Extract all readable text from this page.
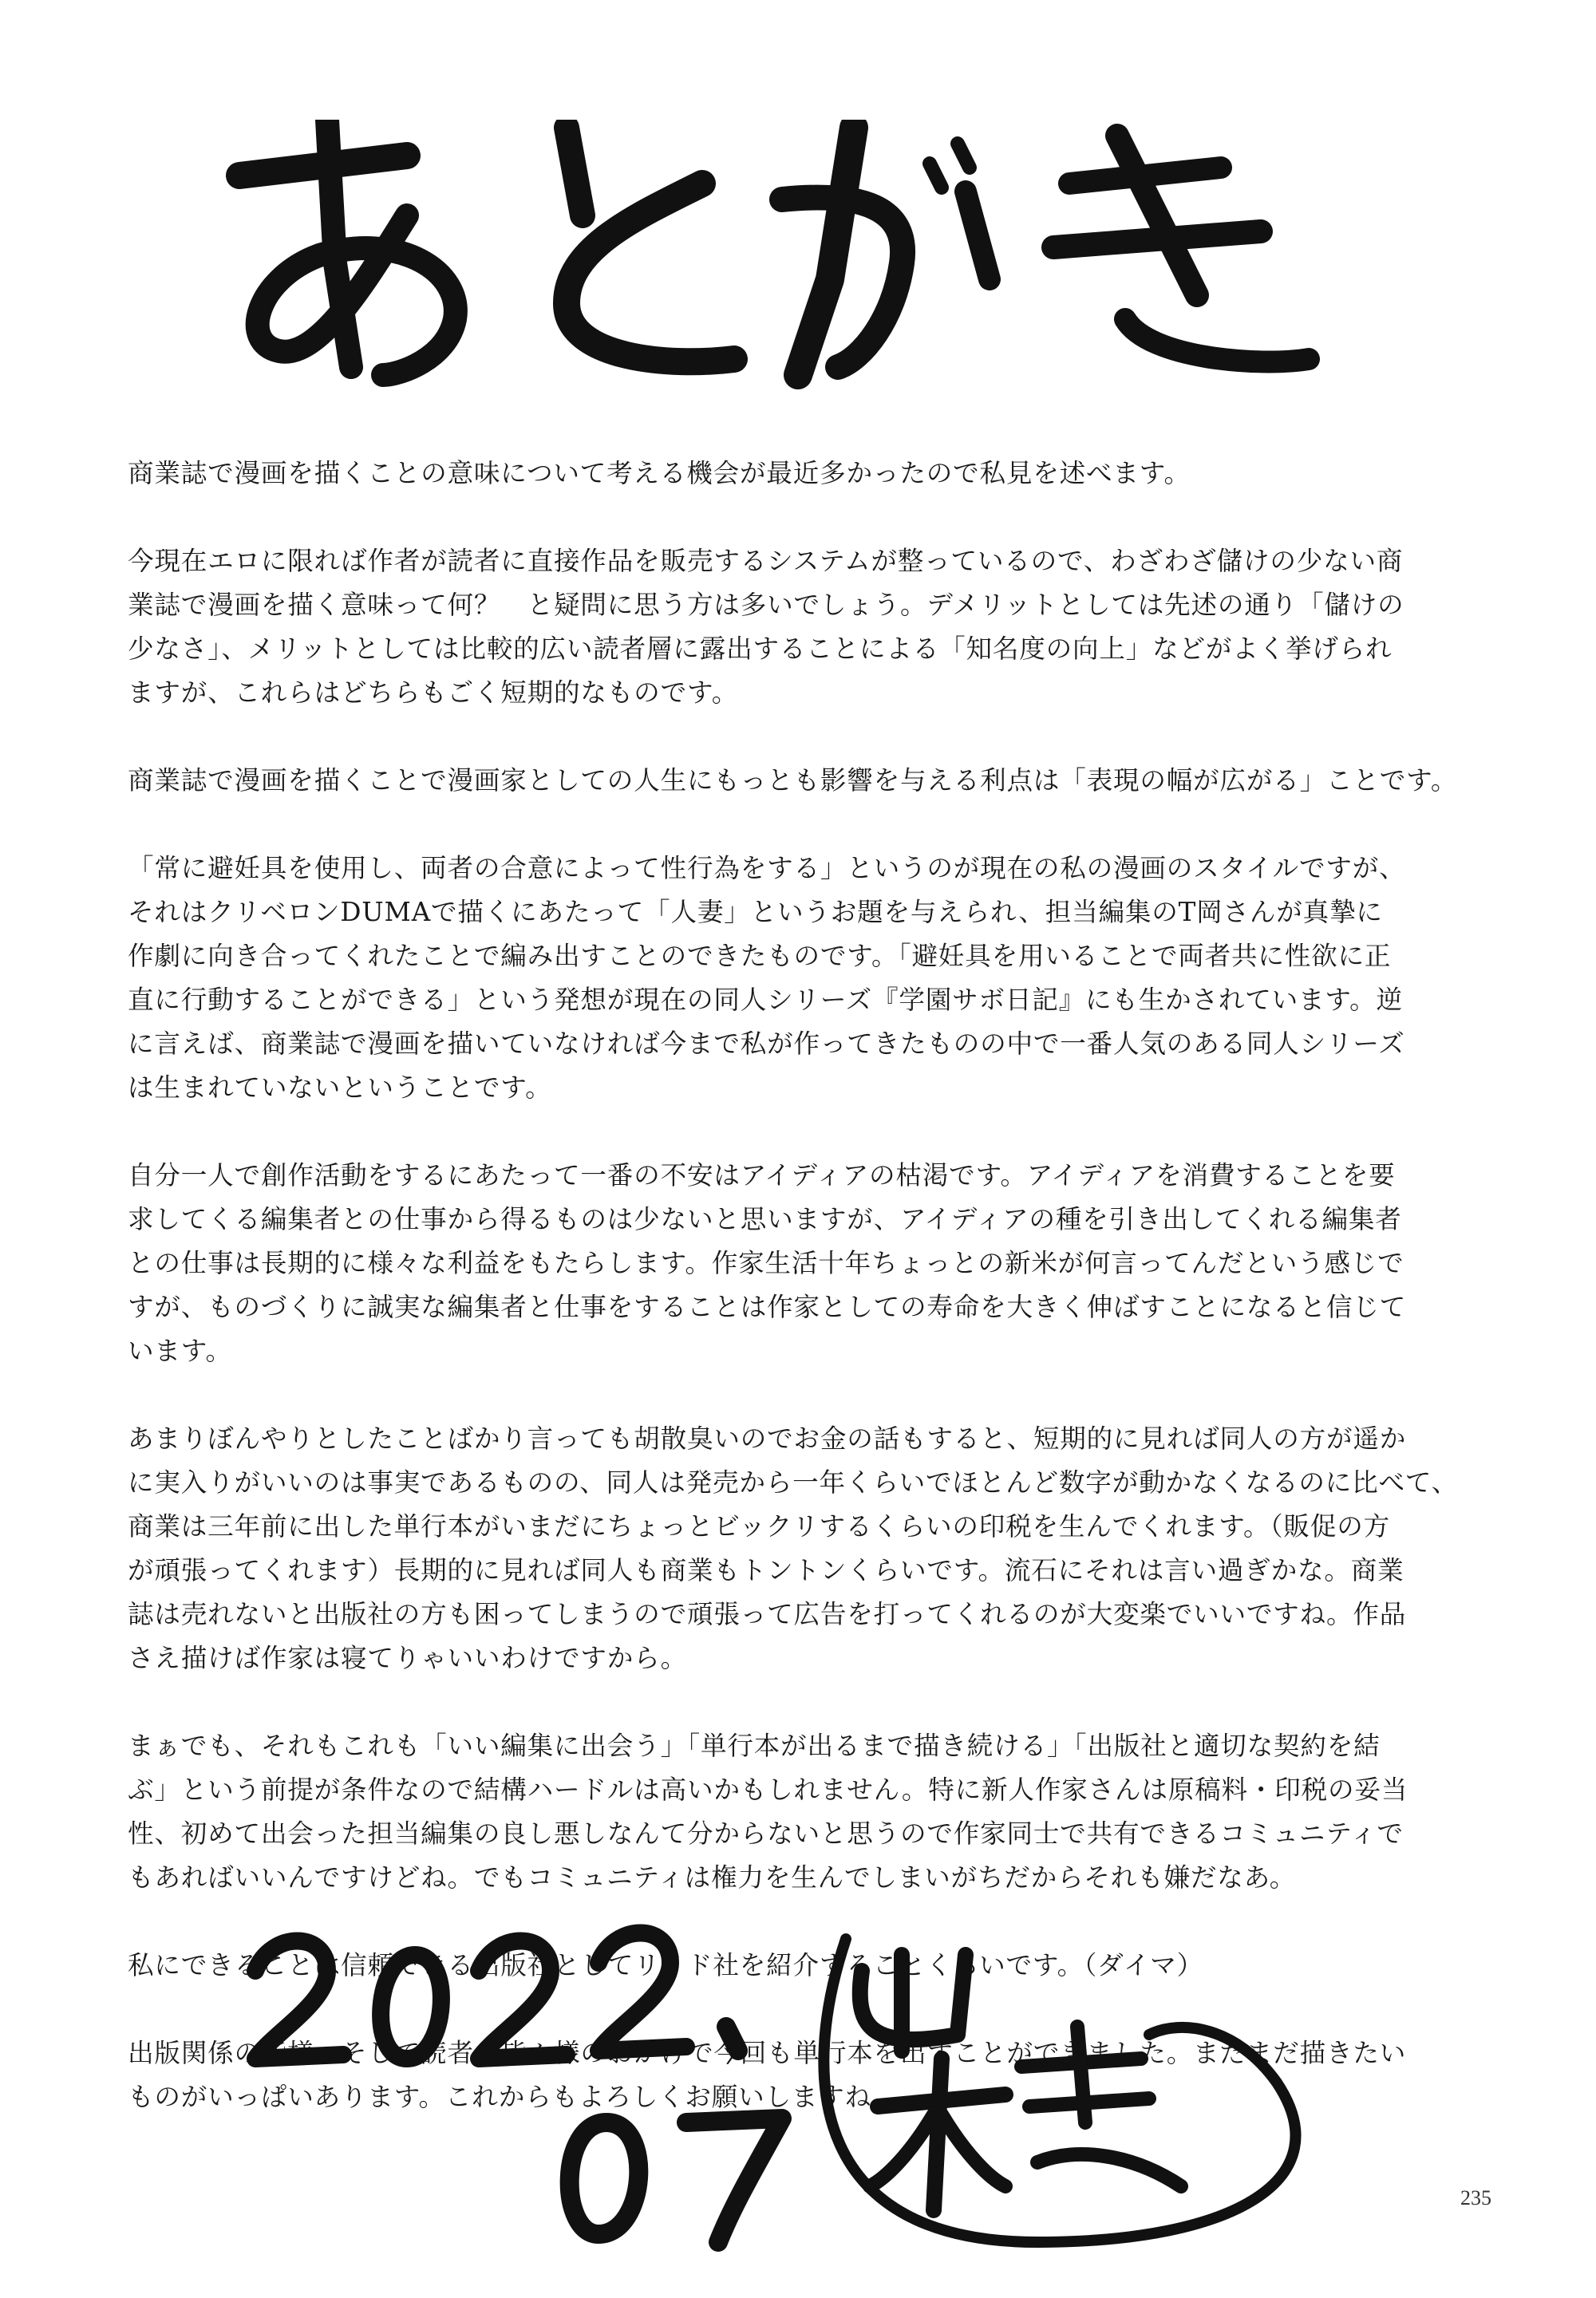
商業誌で漫画を描くことの意味について考える機会が最近多かったので私見を述べます。

今現在エロに限れば作者が読者に直接作品を販売するシステムが整っているので、わざわざ儲けの少ない商
業誌で漫画を描く意味って何？　と疑問に思う方は多いでしょう。デメリットとしては先述の通り「儲けの
少なさ」、メリットとしては比較的広い読者層に露出することによる「知名度の向上」などがよく挙げられ
ますが、これらはどちらもごく短期的なものです。

商業誌で漫画を描くことで漫画家としての人生にもっとも影響を与える利点は「表現の幅が広がる」ことです。

「常に避妊具を使用し、両者の合意によって性行為をする」というのが現在の私の漫画のスタイルですが、
それはクリベロンDUMAで描くにあたって「人妻」というお題を与えられ、担当編集のT岡さんが真摯に
作劇に向き合ってくれたことで編み出すことのできたものです。「避妊具を用いることで両者共に性欲に正
直に行動することができる」という発想が現在の同人シリーズ『学園サボ日記』にも生かされています。逆
に言えば、商業誌で漫画を描いていなければ今まで私が作ってきたものの中で一番人気のある同人シリーズ
は生まれていないということです。

自分一人で創作活動をするにあたって一番の不安はアイディアの枯渇です。アイディアを消費することを要
求してくる編集者との仕事から得るものは少ないと思いますが、アイディアの種を引き出してくれる編集者
との仕事は長期的に様々な利益をもたらします。作家生活十年ちょっとの新米が何言ってんだという感じで
すが、ものづくりに誠実な編集者と仕事をすることは作家としての寿命を大きく伸ばすことになると信じて
います。

あまりぼんやりとしたことばかり言っても胡散臭いのでお金の話もすると、短期的に見れば同人の方が遥か
に実入りがいいのは事実であるものの、同人は発売から一年くらいでほとんど数字が動かなくなるのに比べて、
商業は三年前に出した単行本がいまだにちょっとビックリするくらいの印税を生んでくれます。（販促の方
が頑張ってくれます）長期的に見れば同人も商業もトントンくらいです。流石にそれは言い過ぎかな。商業
誌は売れないと出版社の方も困ってしまうので頑張って広告を打ってくれるのが大変楽でいいですね。作品
さえ描けば作家は寝てりゃいいわけですから。

まぁでも、それもこれも「いい編集に出会う」「単行本が出るまで描き続ける」「出版社と適切な契約を結
ぶ」という前提が条件なので結構ハードルは高いかもしれません。特に新人作家さんは原稿料・印税の妥当
性、初めて出会った担当編集の良し悪しなんて分からないと思うので作家同士で共有できるコミュニティで
もあればいいんですけどね。でもコミュニティは権力を生んでしまいがちだからそれも嫌だなあ。

私にできることは信頼できる出版社としてリイド社を紹介することくらいです。（ダイマ）

出版関係の皆様、そして読者の皆々様のおかげで今回も単行本を出すことができました。まだまだ描きたい
ものがいっぱいあります。これからもよろしくお願いしますね。

235
